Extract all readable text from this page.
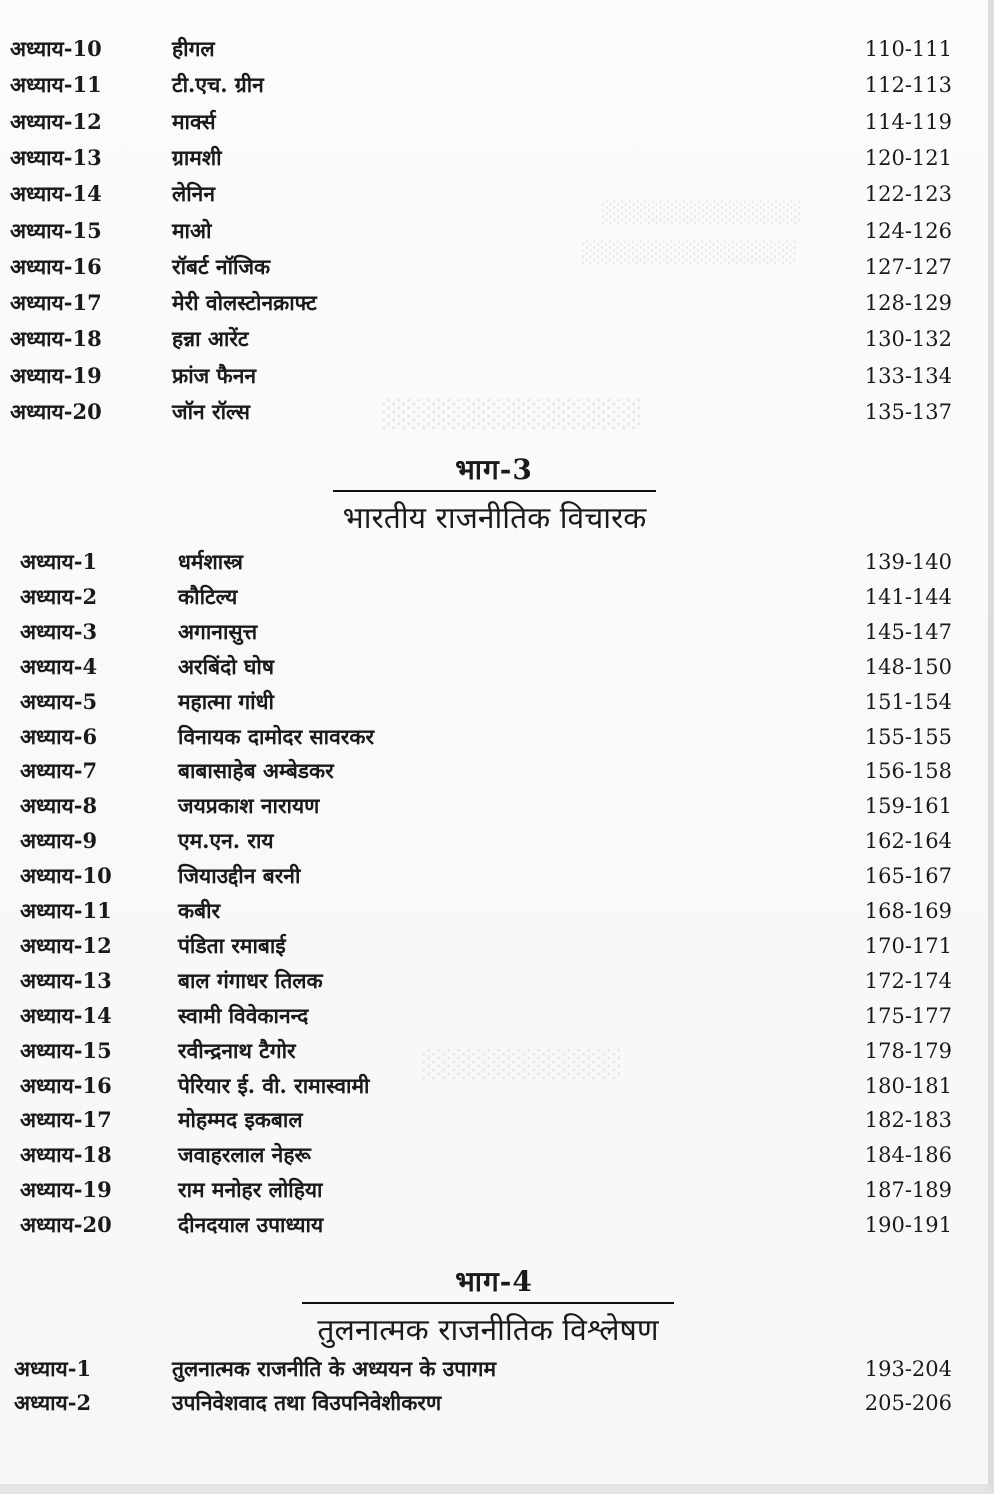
░░░░░░░░░░░░░
░░░░░░░░░░░░░░
░░░░░░░░░░░░░
░░░░░░░░░░
अध्याय-10	हीगल	110-111
अध्याय-11	टी.एच. ग्रीन	112-113
अध्याय-12	मार्क्स	114-119
अध्याय-13	ग्रामशी	120-121
अध्याय-14	लेनिन	122-123
अध्याय-15	माओ	124-126
अध्याय-16	रॉबर्ट नॉजिक	127-127
अध्याय-17	मेरी वोलस्टोनक्राफ्ट	128-129
अध्याय-18	हन्ना आरेंट	130-132
अध्याय-19	फ्रांज फैनन	133-134
अध्याय-20	जॉन रॉल्स	135-137
भाग-3
भारतीय राजनीतिक विचारक
अध्याय-1	धर्मशास्त्र	139-140
अध्याय-2	कौटिल्य	141-144
अध्याय-3	अगानासुत्त	145-147
अध्याय-4	अरबिंदो घोष	148-150
अध्याय-5	महात्मा गांधी	151-154
अध्याय-6	विनायक दामोदर सावरकर	155-155
अध्याय-7	बाबासाहेब अम्बेडकर	156-158
अध्याय-8	जयप्रकाश नारायण	159-161
अध्याय-9	एम.एन. राय	162-164
अध्याय-10	जियाउद्दीन बरनी	165-167
अध्याय-11	कबीर	168-169
अध्याय-12	पंडिता रमाबाई	170-171
अध्याय-13	बाल गंगाधर तिलक	172-174
अध्याय-14	स्वामी विवेकानन्द	175-177
अध्याय-15	रवीन्द्रनाथ टैगोर	178-179
अध्याय-16	पेरियार ई. वी. रामास्वामी	180-181
अध्याय-17	मोहम्मद इकबाल	182-183
अध्याय-18	जवाहरलाल नेहरू	184-186
अध्याय-19	राम मनोहर लोहिया	187-189
अध्याय-20	दीनदयाल उपाध्याय	190-191
भाग-4
तुलनात्मक राजनीतिक विश्लेषण
अध्याय-1	तुलनात्मक राजनीति के अध्ययन के उपागम	193-204
अध्याय-2	उपनिवेशवाद तथा विउपनिवेशीकरण	205-206
